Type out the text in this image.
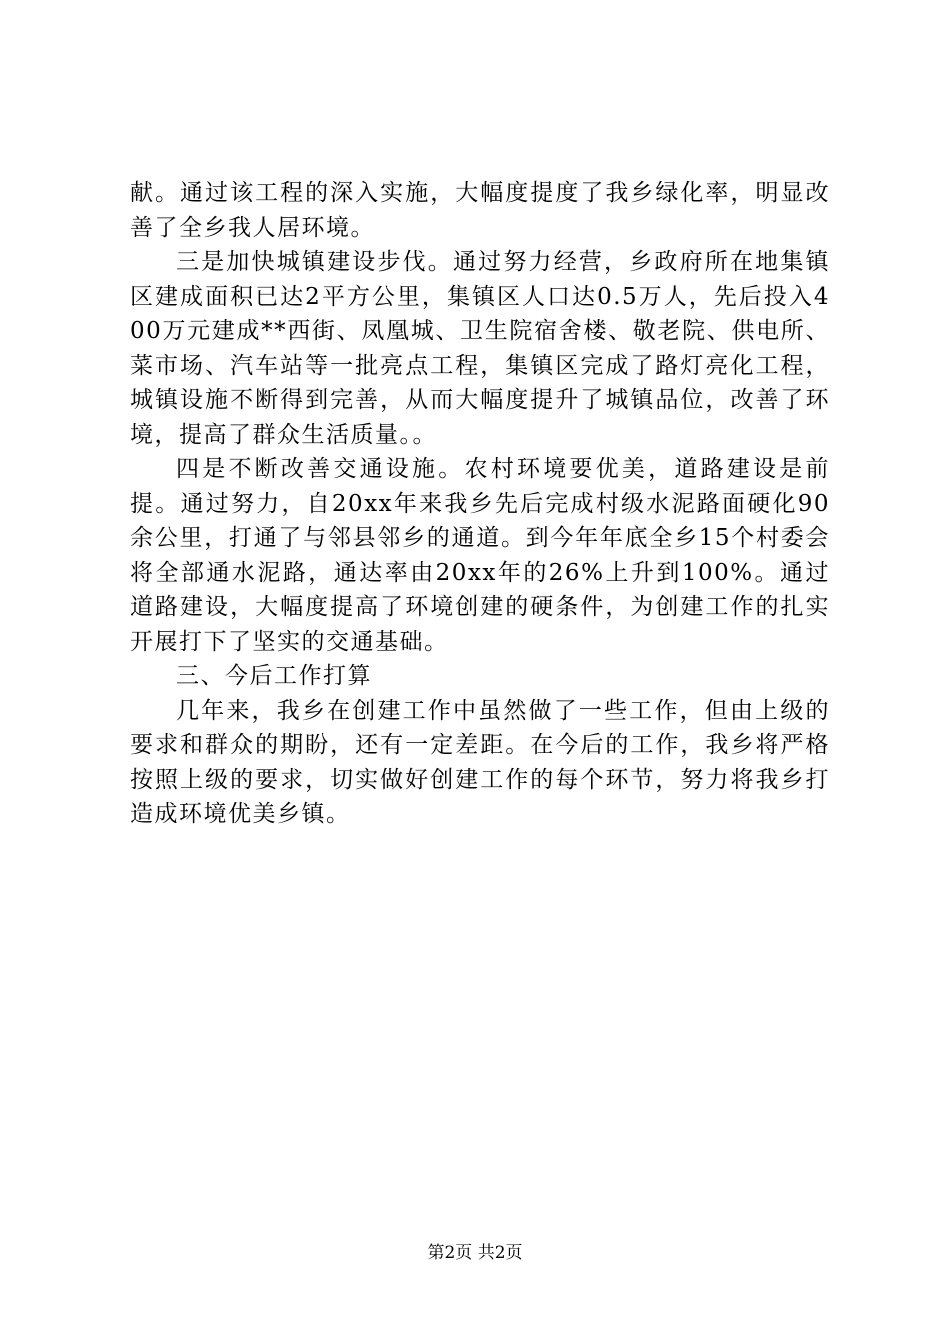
献。通过该工程的深入实施，大幅度提度了我乡绿化率，明显改善了全乡我人居环境。

三是加快城镇建设步伐。通过努力经营，乡政府所在地集镇区建成面积已达2平方公里，集镇区人口达0.5万人，先后投入400万元建成**西街、凤凰城、卫生院宿舍楼、敬老院、供电所、菜市场、汽车站等一批亮点工程，集镇区完成了路灯亮化工程，城镇设施不断得到完善，从而大幅度提升了城镇品位，改善了环境，提高了群众生活质量。。

四是不断改善交通设施。农村环境要优美，道路建设是前提。通过努力，自20xx年来我乡先后完成村级水泥路面硬化90余公里，打通了与邻县邻乡的通道。到今年年底全乡15个村委会将全部通水泥路，通达率由20xx年的26%上升到100%。通过道路建设，大幅度提高了环境创建的硬条件，为创建工作的扎实开展打下了坚实的交通基础。

三、今后工作打算

几年来，我乡在创建工作中虽然做了一些工作，但由上级的要求和群众的期盼，还有一定差距。在今后的工作，我乡将严格按照上级的要求，切实做好创建工作的每个环节，努力将我乡打造成环境优美乡镇。

第2页 共2页
